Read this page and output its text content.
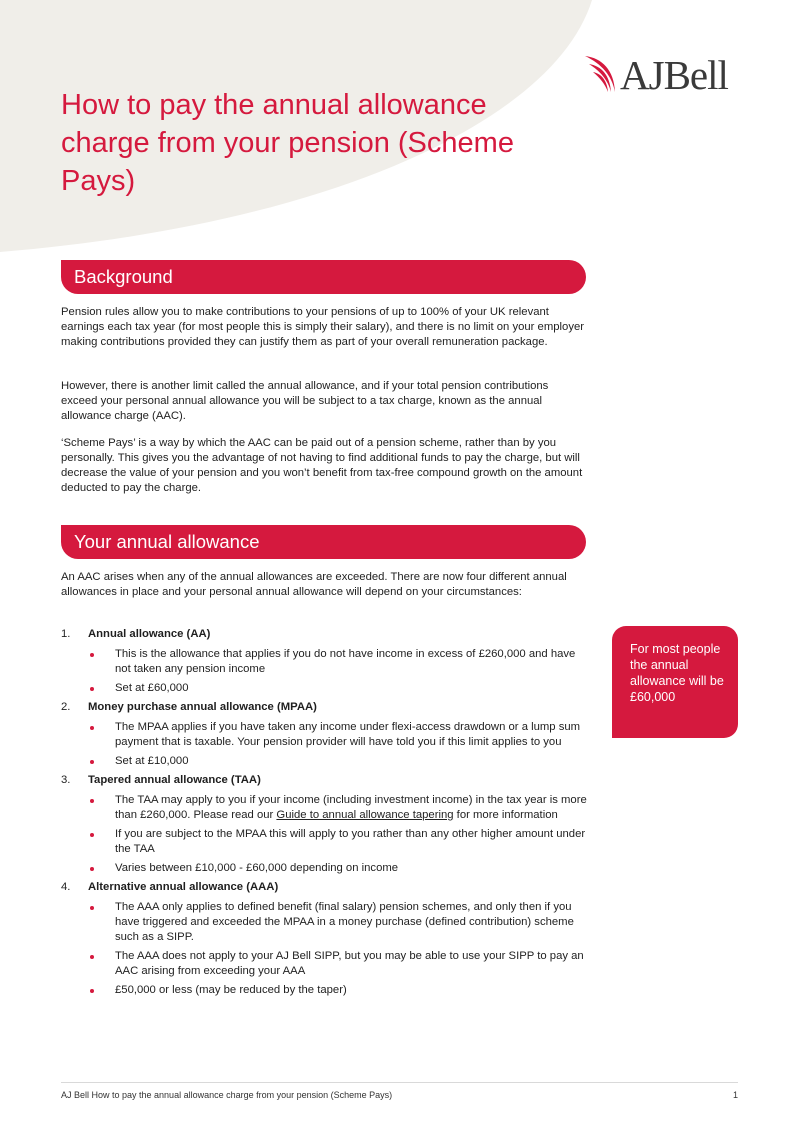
AJBell
How to pay the annual allowance charge from your pension (Scheme Pays)
Background

Pension rules allow you to make contributions to your pensions of up to 100% of your UK relevant earnings each tax year (for most people this is simply their salary), and there is no limit on your employer making contributions provided they can justify them as part of your overall remuneration package.

However, there is another limit called the annual allowance, and if your total pension contributions exceed your personal annual allowance you will be subject to a tax charge, known as the annual allowance charge (AAC).

‘Scheme Pays’ is a way by which the AAC can be paid out of a pension scheme, rather than by you personally. This gives you the advantage of not having to find additional funds to pay the charge, but will decrease the value of your pension and you won’t benefit from tax-free compound growth on the amount deducted to pay the charge.

Your annual allowance

An AAC arises when any of the annual allowances are exceeded. There are now four different annual allowances in place and your personal annual allowance will depend on your circumstances:

1. Annual allowance (AA)
This is the allowance that applies if you do not have income in excess of £260,000 and have not taken any pension income
Set at £60,000
2. Money purchase annual allowance (MPAA)
The MPAA applies if you have taken any income under flexi-access drawdown or a lump sum payment that is taxable. Your pension provider will have told you if this limit applies to you
Set at £10,000
3. Tapered annual allowance (TAA)
The TAA may apply to you if your income (including investment income) in the tax year is more than £260,000. Please read our Guide to annual allowance tapering for more information
If you are subject to the MPAA this will apply to you rather than any other higher amount under the TAA
Varies between £10,000 - £60,000 depending on income
4. Alternative annual allowance (AAA)
The AAA only applies to defined benefit (final salary) pension schemes, and only then if you have triggered and exceeded the MPAA in a money purchase (defined contribution) scheme such as a SIPP.
The AAA does not apply to your AJ Bell SIPP, but you may be able to use your SIPP to pay an AAC arising from exceeding your AAA
£50,000 or less (may be reduced by the taper)
For most people the annual allowance will be £60,000
AJ Bell How to pay the annual allowance charge from your pension (Scheme Pays)	1
